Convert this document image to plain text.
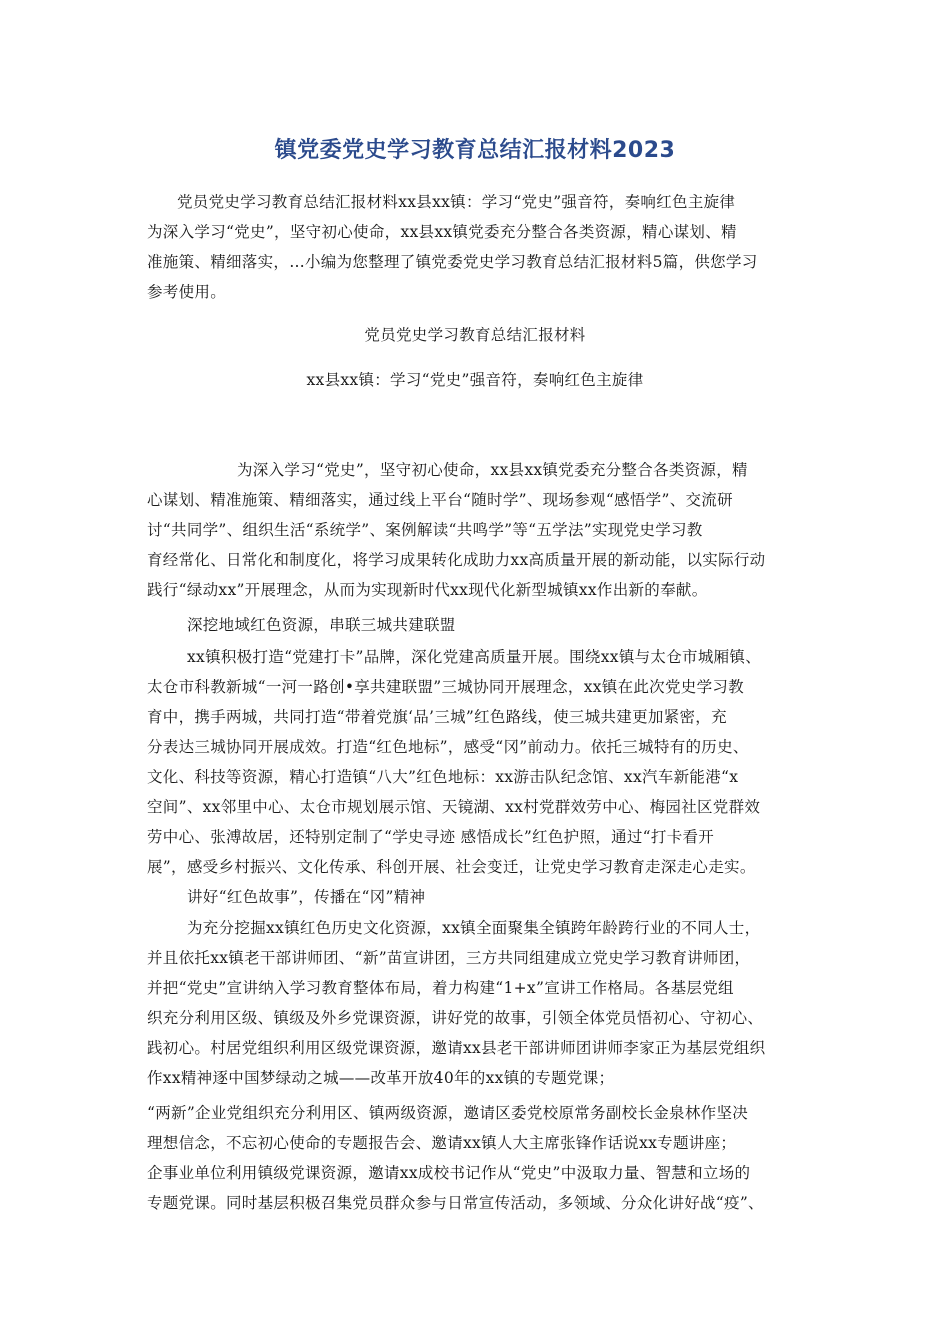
镇党委党史学习教育总结汇报材料2023
党员党史学习教育总结汇报材料xx县xx镇：学习“党史”强音符，奏响红色主旋律
为深入学习“党史”，坚守初心使命，xx县xx镇党委充分整合各类资源，精心谋划、精
准施策、精细落实，…小编为您整理了镇党委党史学习教育总结汇报材料5篇，供您学习
参考使用。
党员党史学习教育总结汇报材料
xx县xx镇：学习“党史”强音符，奏响红色主旋律
为深入学习“党史”，坚守初心使命，xx县xx镇党委充分整合各类资源，精
心谋划、精准施策、精细落实，通过线上平台“随时学”、现场参观“感悟学”、交流研
讨“共同学”、组织生活“系统学”、案例解读“共鸣学”等“五学法”实现党史学习教
育经常化、日常化和制度化，将学习成果转化成助力xx高质量开展的新动能，以实际行动
践行“绿动xx”开展理念，从而为实现新时代xx现代化新型城镇xx作出新的奉献。
深挖地域红色资源，串联三城共建联盟
xx镇积极打造“党建打卡”品牌，深化党建高质量开展。围绕xx镇与太仓市城厢镇、
太仓市科教新城“一河一路创•享共建联盟”三城协同开展理念，xx镇在此次党史学习教
育中，携手两城，共同打造“带着党旗‘品’三城”红色路线，使三城共建更加紧密，充
分表达三城协同开展成效。打造“红色地标”，感受“冈”前动力。依托三城特有的历史、
文化、科技等资源，精心打造镇“八大”红色地标：xx游击队纪念馆、xx汽车新能港“x
空间”、xx邻里中心、太仓市规划展示馆、天镜湖、xx村党群效劳中心、梅园社区党群效
劳中心、张溥故居，还特别定制了“学史寻迹 感悟成长”红色护照，通过“打卡看开
展”，感受乡村振兴、文化传承、科创开展、社会变迁，让党史学习教育走深走心走实。
讲好“红色故事”，传播在“冈”精神
为充分挖掘xx镇红色历史文化资源，xx镇全面聚集全镇跨年龄跨行业的不同人士，
并且依托xx镇老干部讲师团、“新”苗宣讲团，三方共同组建成立党史学习教育讲师团，
并把“党史”宣讲纳入学习教育整体布局，着力构建“1+x”宣讲工作格局。各基层党组
织充分利用区级、镇级及外乡党课资源，讲好党的故事，引领全体党员悟初心、守初心、
践初心。村居党组织利用区级党课资源，邀请xx县老干部讲师团讲师李家正为基层党组织
作xx精神逐中国梦绿动之城——改革开放40年的xx镇的专题党课；
“两新”企业党组织充分利用区、镇两级资源，邀请区委党校原常务副校长金泉林作坚决
理想信念，不忘初心使命的专题报告会、邀请xx镇人大主席张锋作话说xx专题讲座；
企事业单位利用镇级党课资源，邀请xx成校书记作从“党史”中汲取力量、智慧和立场的
专题党课。同时基层积极召集党员群众参与日常宣传活动，多领域、分众化讲好战“疫”、
